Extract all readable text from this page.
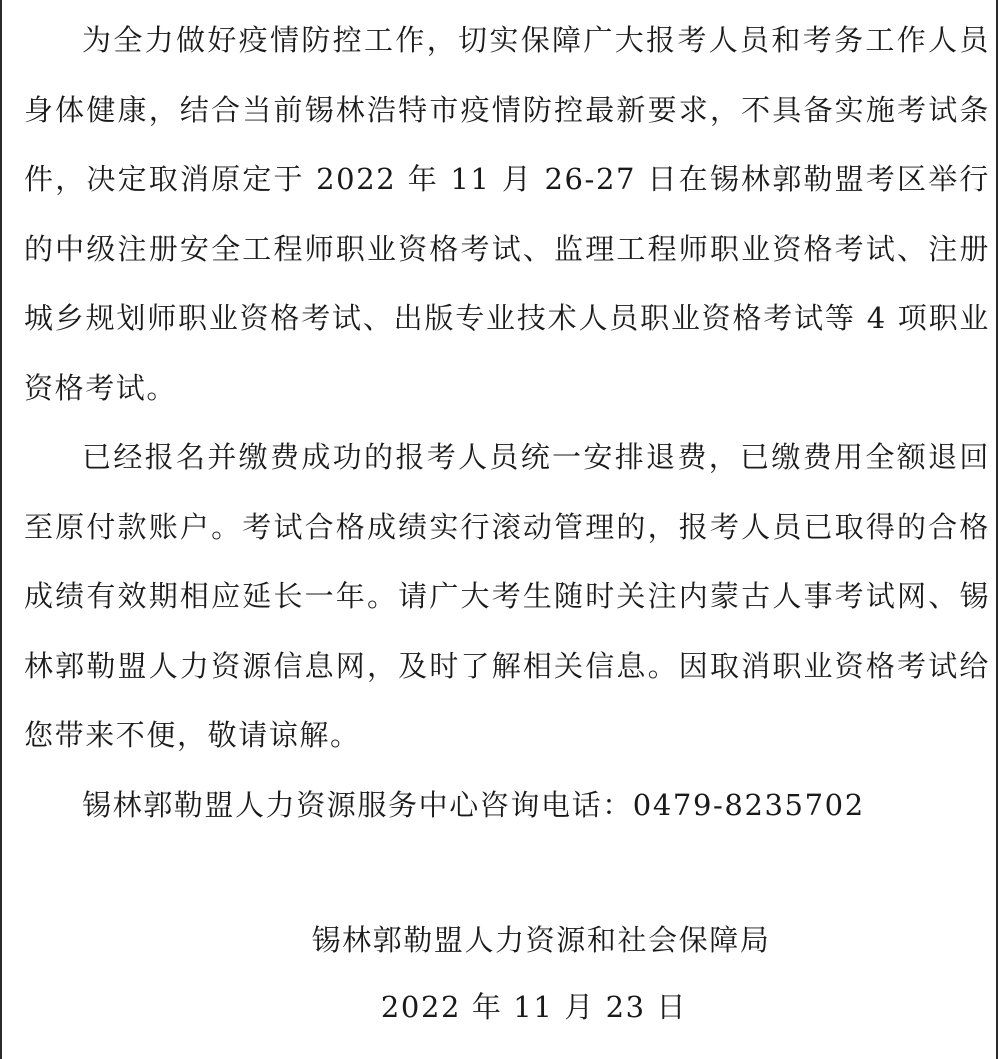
为全力做好疫情防控工作，切实保障广大报考人员和考务工作人员身体健康，结合当前锡林浩特市疫情防控最新要求，不具备实施考试条件，决定取消原定于 2022 年 11 月 26-27 日在锡林郭勒盟考区举行的中级注册安全工程师职业资格考试、监理工程师职业资格考试、注册城乡规划师职业资格考试、出版专业技术人员职业资格考试等 4 项职业资格考试。

已经报名并缴费成功的报考人员统一安排退费，已缴费用全额退回至原付款账户。考试合格成绩实行滚动管理的，报考人员已取得的合格成绩有效期相应延长一年。请广大考生随时关注内蒙古人事考试网、锡林郭勒盟人力资源信息网，及时了解相关信息。因取消职业资格考试给您带来不便，敬请谅解。

锡林郭勒盟人力资源服务中心咨询电话：0479-8235702

锡林郭勒盟人力资源和社会保障局
2022 年 11 月 23 日
